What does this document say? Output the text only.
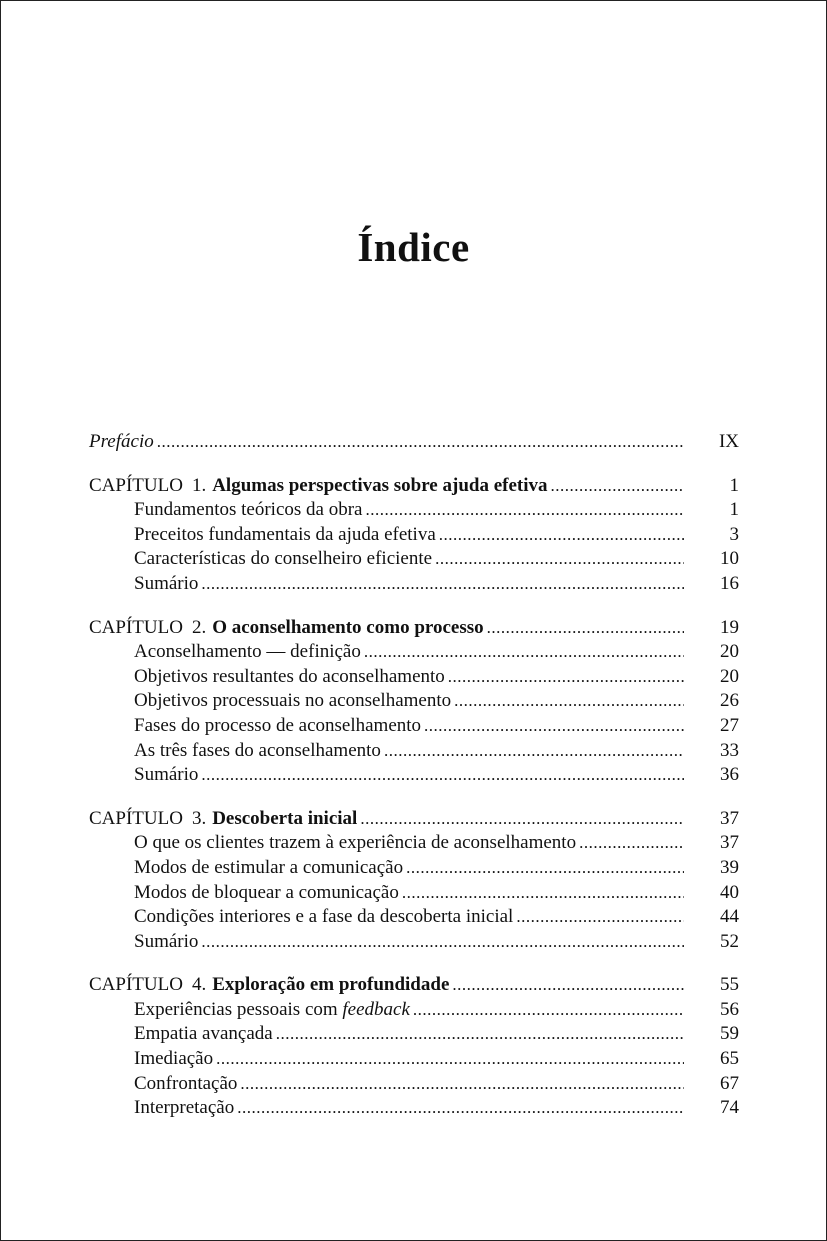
Índice
Prefácio .....	IX
CAPÍTULO 1. Algumas perspectivas sobre ajuda efetiva .....	1
Fundamentos teóricos da obra .....	1
Preceitos fundamentais da ajuda efetiva .....	3
Características do conselheiro eficiente .....	10
Sumário .....	16
CAPÍTULO 2. O aconselhamento como processo .....	19
Aconselhamento — definição .....	20
Objetivos resultantes do aconselhamento .....	20
Objetivos processuais no aconselhamento .....	26
Fases do processo de aconselhamento .....	27
As três fases do aconselhamento .....	33
Sumário .....	36
CAPÍTULO 3. Descoberta inicial .....	37
O que os clientes trazem à experiência de aconselhamento .....	37
Modos de estimular a comunicação .....	39
Modos de bloquear a comunicação .....	40
Condições interiores e a fase da descoberta inicial .....	44
Sumário .....	52
CAPÍTULO 4. Exploração em profundidade .....	55
Experiências pessoais com feedback .....	56
Empatia avançada .....	59
Imediação .....	65
Confrontação .....	67
Interpretação .....	74
